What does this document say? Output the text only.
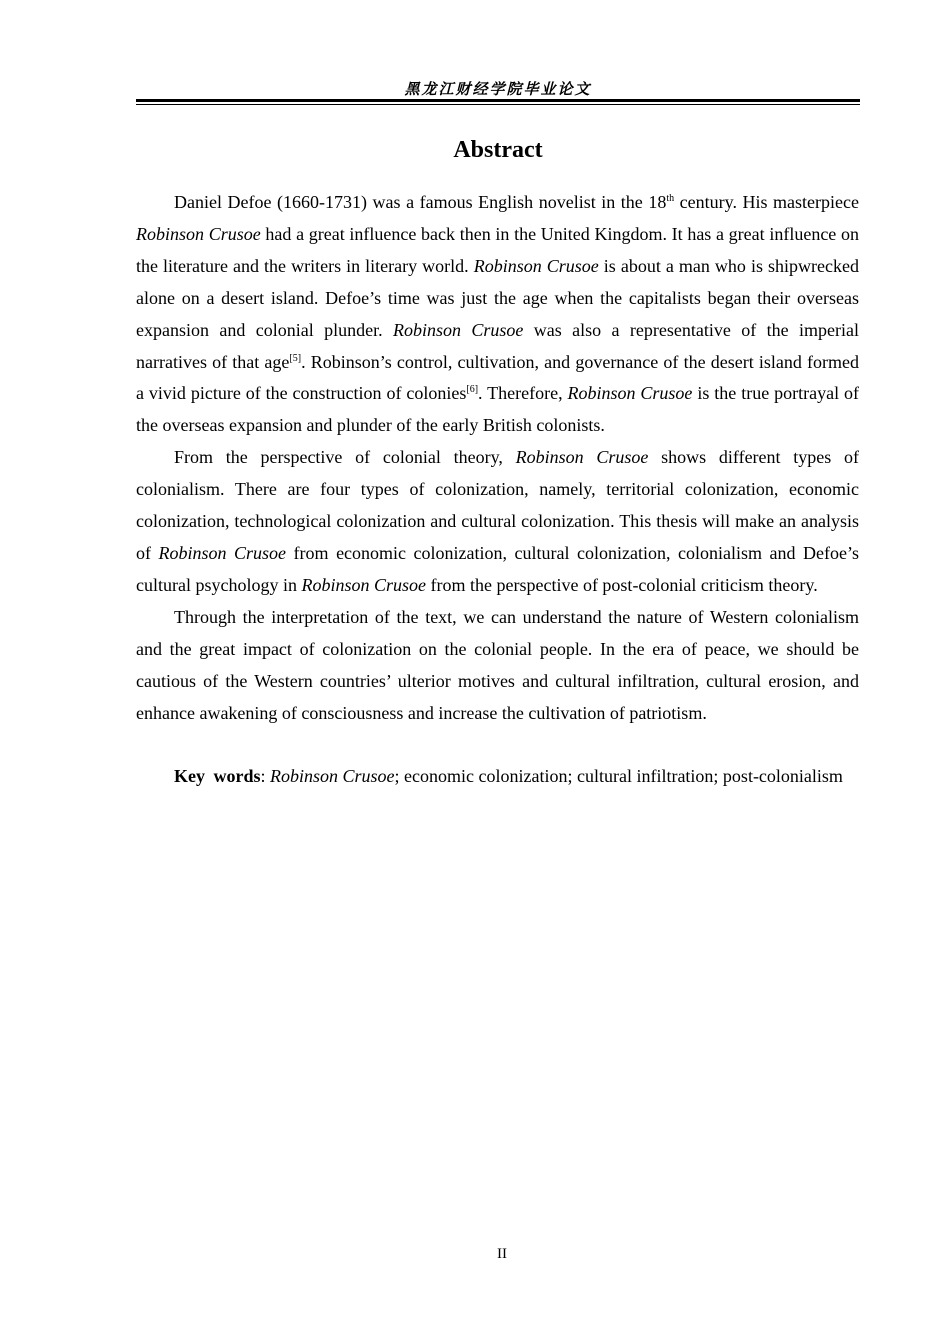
黑龙江财经学院毕业论文
Abstract

Daniel Defoe (1660-1731) was a famous English novelist in the 18th century. His masterpiece Robinson Crusoe had a great influence back then in the United Kingdom. It has a great influence on the literature and the writers in literary world. Robinson Crusoe is about a man who is shipwrecked alone on a desert island. Defoe’s time was just the age when the capitalists began their overseas expansion and colonial plunder. Robinson Crusoe was also a representative of the imperial narratives of that age[5]. Robinson’s control, cultivation, and governance of the desert island formed a vivid picture of the construction of colonies[6]. Therefore, Robinson Crusoe is the true portrayal of the overseas expansion and plunder of the early British colonists.

From the perspective of colonial theory, Robinson Crusoe shows different types of colonialism. There are four types of colonization, namely, territorial colonization, economic colonization, technological colonization and cultural colonization. This thesis will make an analysis of Robinson Crusoe from economic colonization, cultural colonization, colonialism and Defoe’s cultural psychology in Robinson Crusoe from the perspective of post-colonial criticism theory.

Through the interpretation of the text, we can understand the nature of Western colonialism and the great impact of colonization on the colonial people. In the era of peace, we should be cautious of the Western countries’ ulterior motives and cultural infiltration, cultural erosion, and enhance awakening of consciousness and increase the cultivation of patriotism.

Key words: Robinson Crusoe; economic colonization; cultural infiltration; post-colonialism

II
